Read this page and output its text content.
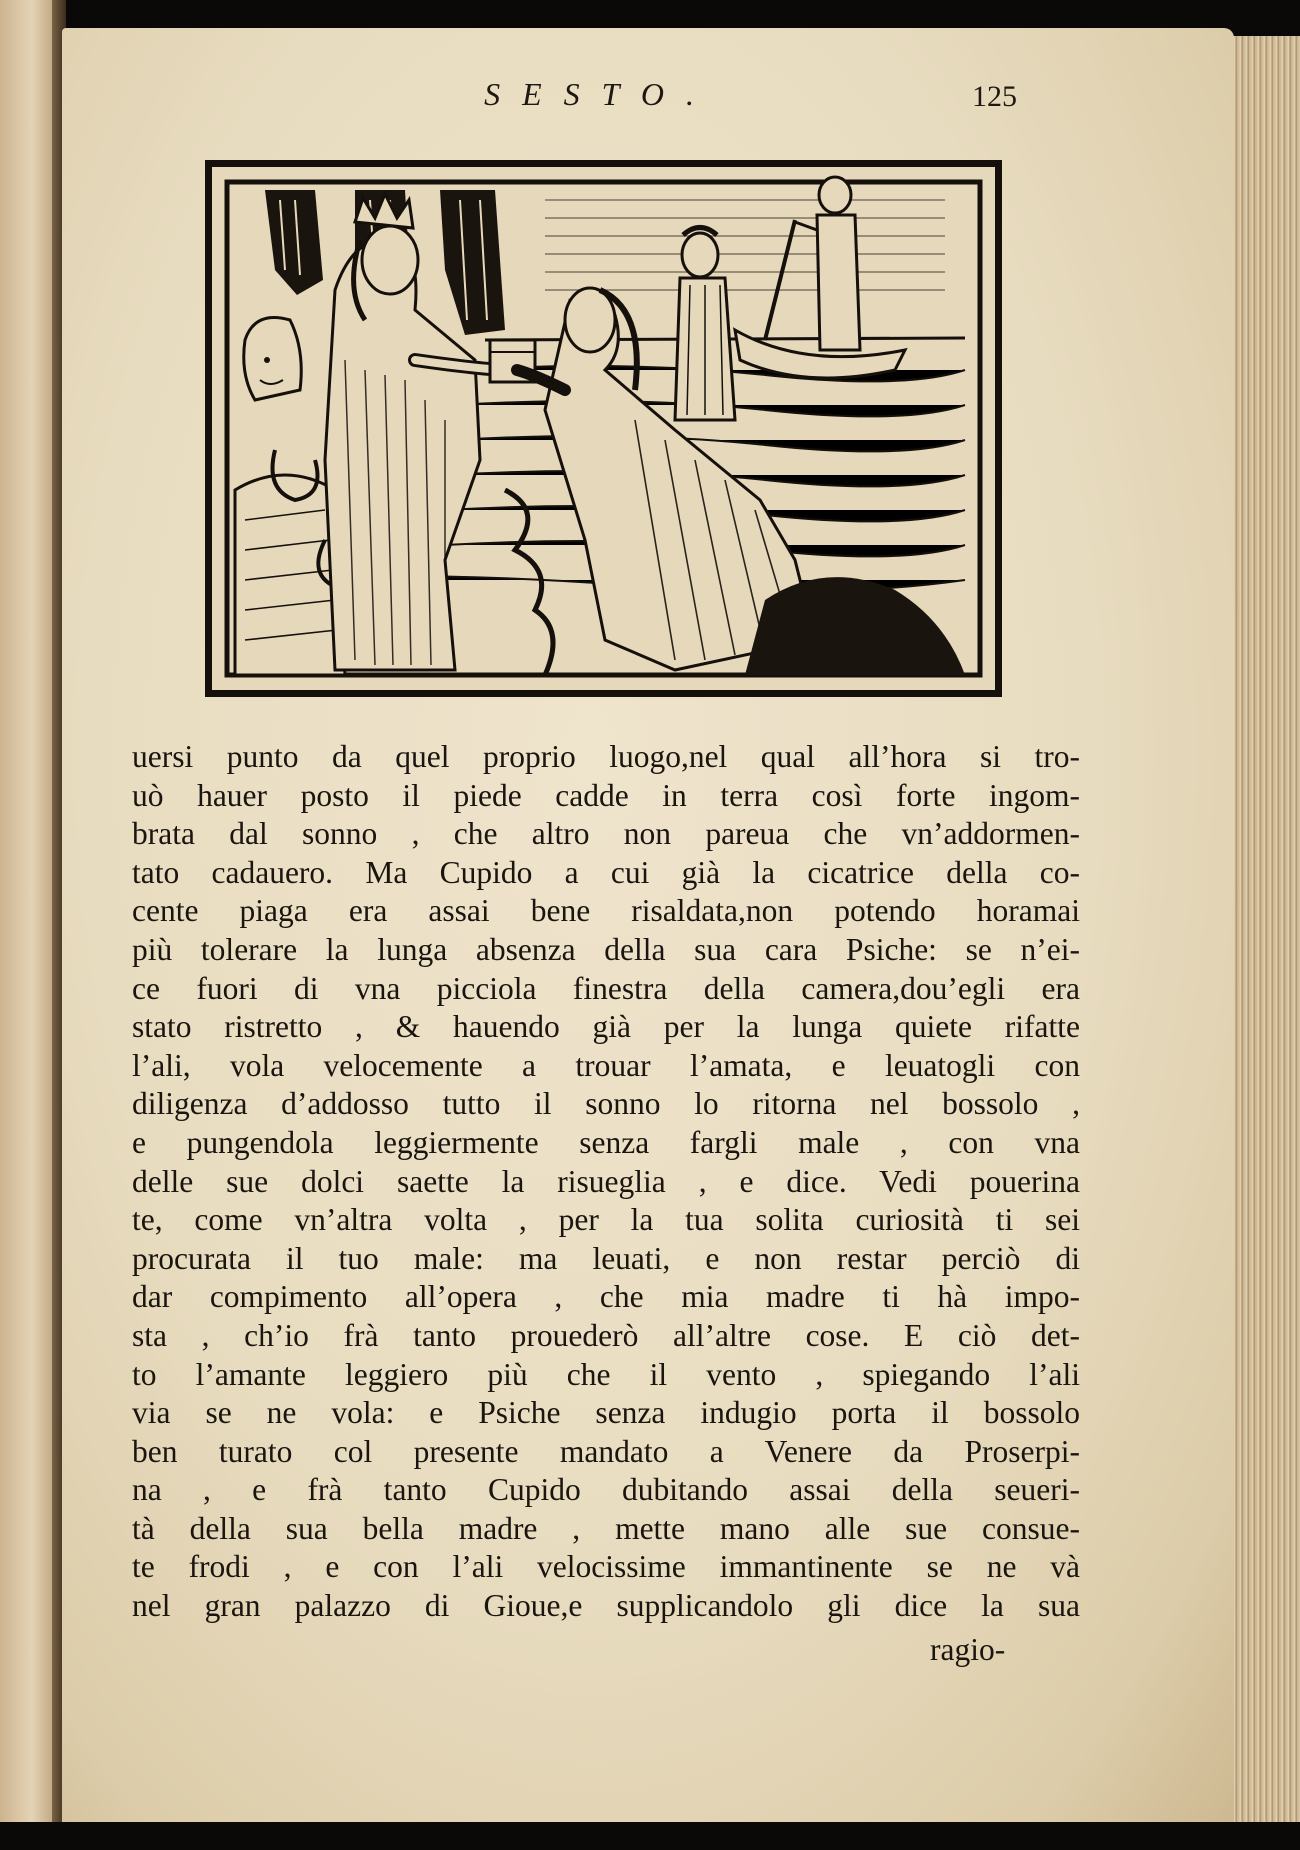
SESTO.	125
uersi punto da quel proprio luogo,nel qual all’hora si tro-
uò hauer posto il piede cadde in terra così forte ingom-
brata dal sonno , che altro non pareua che vn’addormen-
tato cadauero. Ma Cupido a cui già la cicatrice della co-
cente piaga era assai bene risaldata,non potendo horamai
più tolerare la lunga absenza della sua cara Psiche: se n’ei-
ce fuori di vna picciola finestra della camera,dou’egli era
stato ristretto , & hauendo già per la lunga quiete rifatte
l’ali, vola velocemente a trouar l’amata, e leuatogli con
diligenza d’addosso tutto il sonno lo ritorna nel bossolo ,
e pungendola leggiermente senza fargli male , con vna
delle sue dolci saette la risueglia , e dice. Vedi pouerina
te, come vn’altra volta , per la tua solita curiosità ti sei
procurata il tuo male: ma leuati, e non restar perciò di
dar compimento all’opera , che mia madre ti hà impo-
sta , ch’io frà tanto prouederò all’altre cose. E ciò det-
to l’amante leggiero più che il vento , spiegando l’ali
via se ne vola: e Psiche senza indugio porta il bossolo
ben turato col presente mandato a Venere da Proserpi-
na , e frà tanto Cupido dubitando assai della seueri-
tà della sua bella madre , mette mano alle sue consue-
te frodi , e con l’ali velocissime immantinente se ne và
nel gran palazzo di Gioue,e supplicandolo gli dice la sua
ragio-
